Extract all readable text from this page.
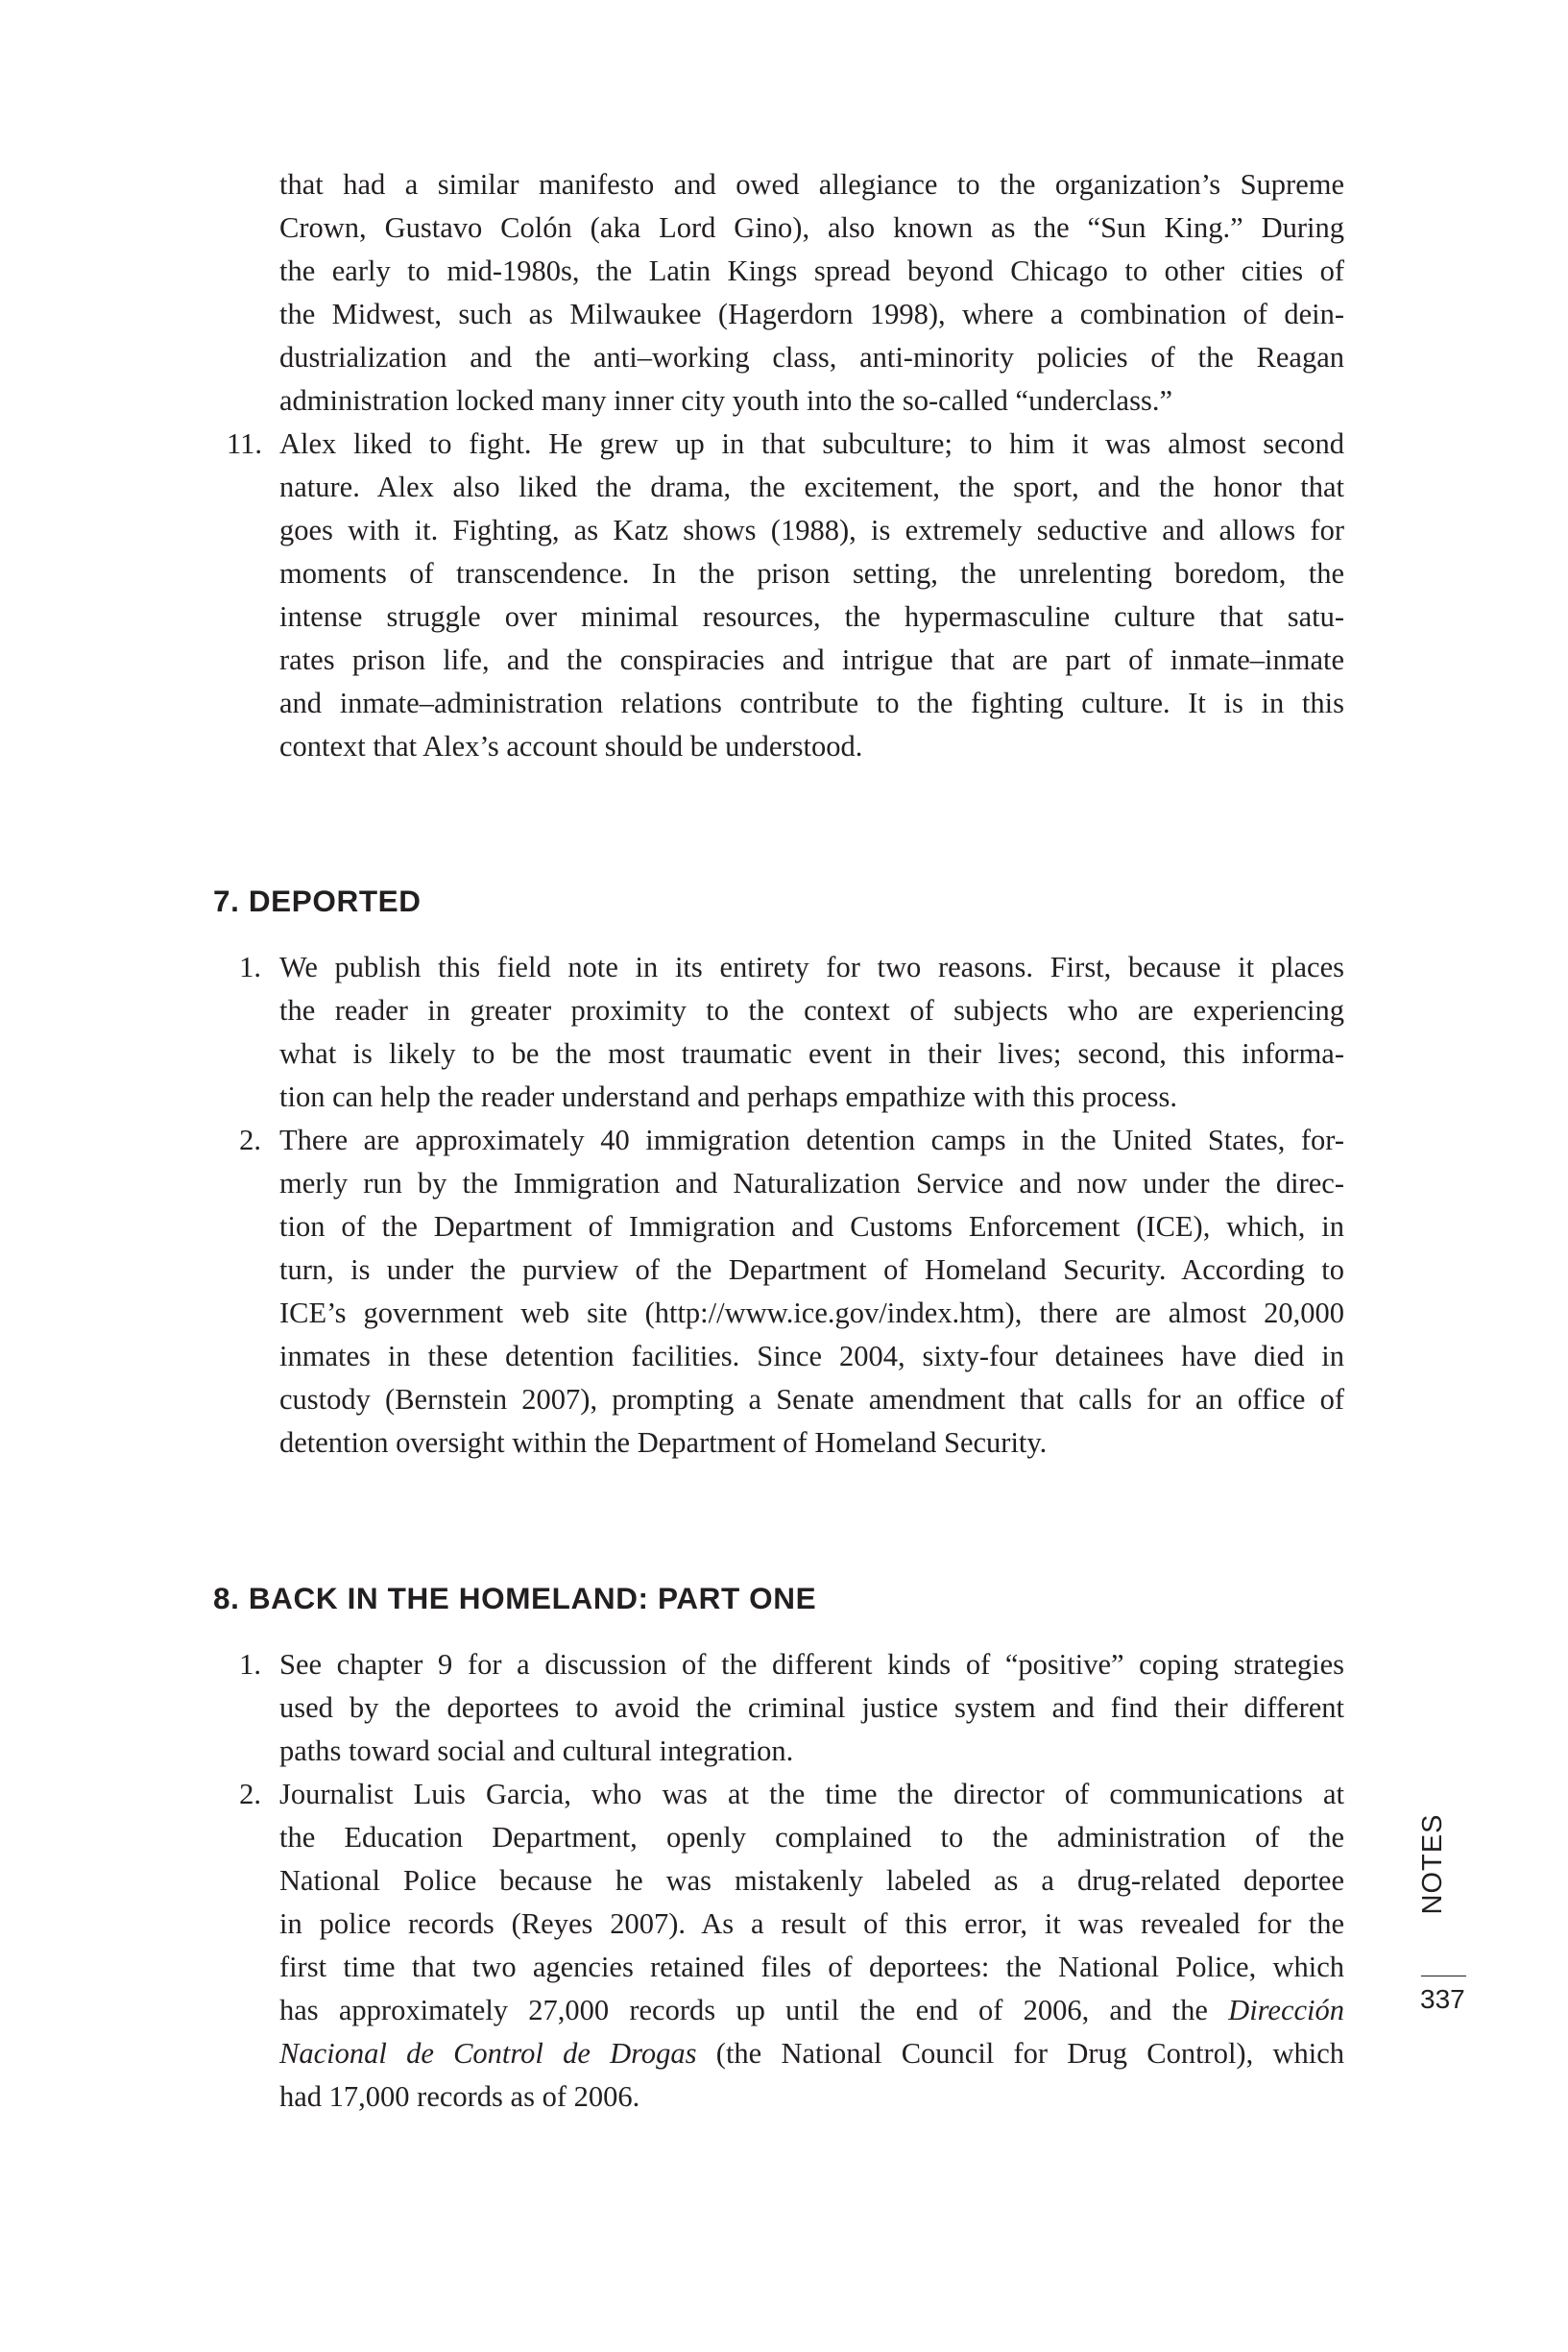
that had a similar manifesto and owed allegiance to the organization’s Supreme
Crown, Gustavo Colón (aka Lord Gino), also known as the “Sun King.” During
the early to mid-1980s, the Latin Kings spread beyond Chicago to other cities of
the Midwest, such as Milwaukee (Hagerdorn 1998), where a combination of dein-
dustrialization and the anti–working class, anti-minority policies of the Reagan
administration locked many inner city youth into the so-called “underclass.”
11. Alex liked to fight. He grew up in that subculture; to him it was almost second
nature. Alex also liked the drama, the excitement, the sport, and the honor that
goes with it. Fighting, as Katz shows (1988), is extremely seductive and allows for
moments of transcendence. In the prison setting, the unrelenting boredom, the
intense struggle over minimal resources, the hypermasculine culture that satu-
rates prison life, and the conspiracies and intrigue that are part of inmate–inmate
and inmate–administration relations contribute to the fighting culture. It is in this
context that Alex’s account should be understood.
7. DEPORTED
1. We publish this field note in its entirety for two reasons. First, because it places
the reader in greater proximity to the context of subjects who are experiencing
what is likely to be the most traumatic event in their lives; second, this informa-
tion can help the reader understand and perhaps empathize with this process.
2. There are approximately 40 immigration detention camps in the United States, for-
merly run by the Immigration and Naturalization Service and now under the direc-
tion of the Department of Immigration and Customs Enforcement (ICE), which, in
turn, is under the purview of the Department of Homeland Security. According to
ICE’s government web site (http://www.ice.gov/index.htm), there are almost 20,000
inmates in these detention facilities. Since 2004, sixty-four detainees have died in
custody (Bernstein 2007), prompting a Senate amendment that calls for an office of
detention oversight within the Department of Homeland Security.
8. BACK IN THE HOMELAND: PART ONE
1. See chapter 9 for a discussion of the different kinds of “positive” coping strategies
used by the deportees to avoid the criminal justice system and find their different
paths toward social and cultural integration.
2. Journalist Luis Garcia, who was at the time the director of communications at
the Education Department, openly complained to the administration of the
National Police because he was mistakenly labeled as a drug-related deportee
in police records (Reyes 2007). As a result of this error, it was revealed for the
first time that two agencies retained files of deportees: the National Police, which
has approximately 27,000 records up until the end of 2006, and the Dirección
Nacional de Control de Drogas (the National Council for Drug Control), which
had 17,000 records as of 2006.
NOTES
337
